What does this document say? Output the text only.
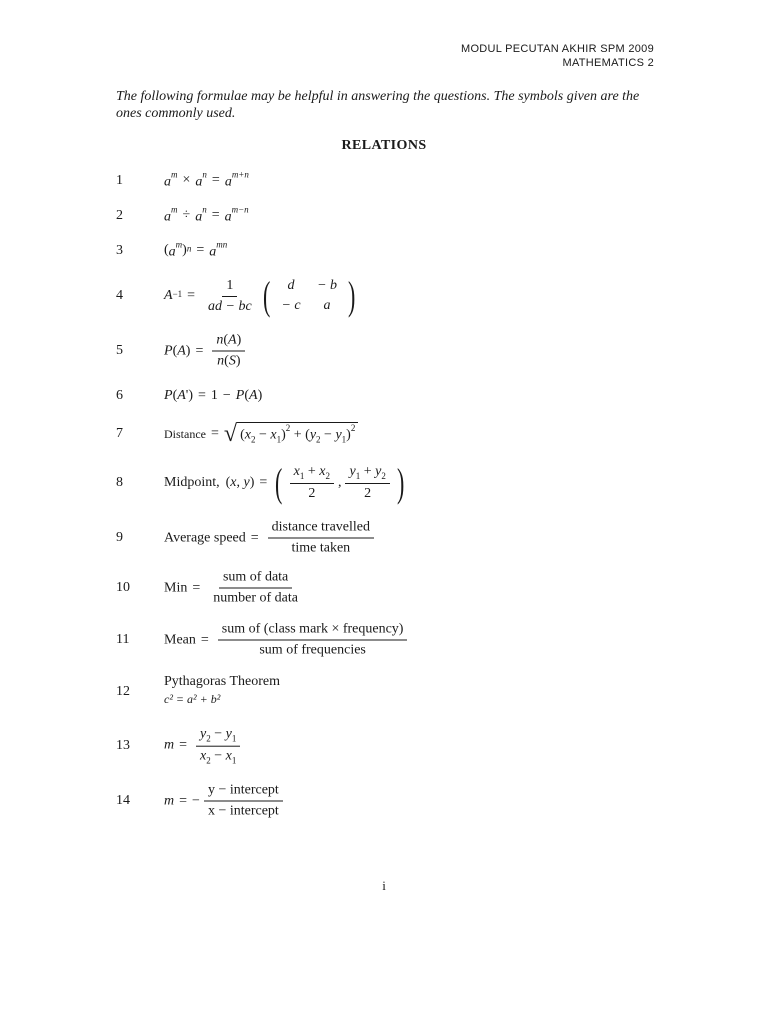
MODUL PECUTAN AKHIR SPM 2009
MATHEMATICS 2
The following formulae may be helpful in answering the questions. The symbols given are the ones commonly used.
RELATIONS
1	$a^m \times a^n = a^{m+n}$
2	$a^m \div a^n = a^{m-n}$
3	( $a^m$ )$^n = a^{mn}$
4	$A^{-1} = \frac{1}{ad - bc}$ (	d	− b
− c	a )
5	P ( A ) = $\frac{n(A)}{n(S)}$
6	P ( A ') = 1 − P ( A )
7	Distance = √ $(x_2 - x_1)^2 + (y_2 - y_1)^2$
8	Midpoint, (x, y) = ( $\frac{x_1 + x_2}{2}$ , $\frac{y_1 + y_2}{2}$ )
9	Average speed = $\frac{\text{distance travelled}}{\text{time taken}}$
10 Min = $\frac{\text{sum of data}}{\text{number of data}}$
11 Mean = $\frac{\text{sum of (class mark × frequency)}}{\text{sum of frequencies}}$
12
Pythagoras Theorem
c² = a² + b²
13 $m = \frac{y_2 - y_1}{x_2 - x_1}$
14 m = − $\frac{\text{y − intercept}}{\text{x − intercept}}$
i
